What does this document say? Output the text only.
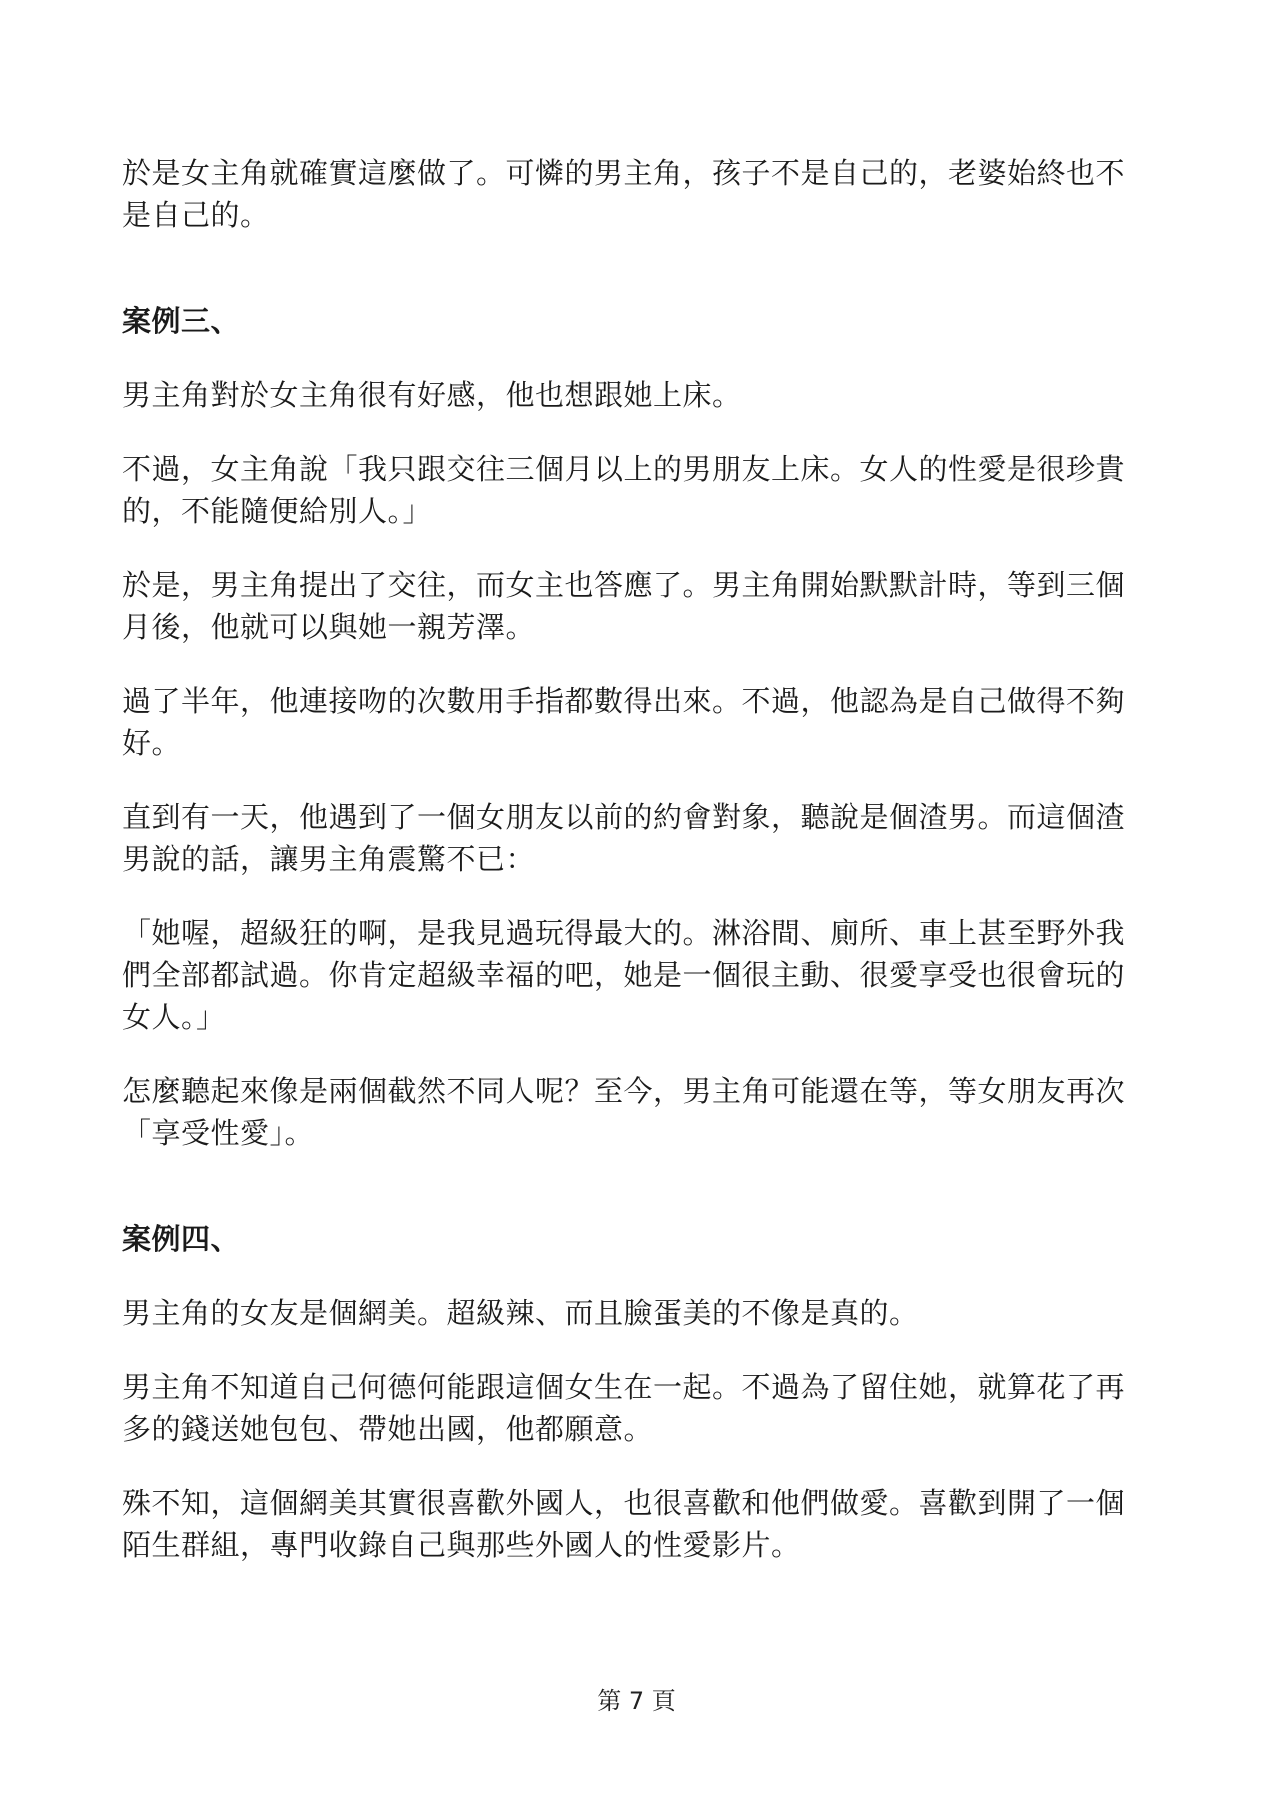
於是女主角就確實這麼做了。可憐的男主角，孩子不是自己的，老婆始終也不
是自己的。

案例三、

男主角對於女主角很有好感，他也想跟她上床。

不過，女主角說「我只跟交往三個月以上的男朋友上床。女人的性愛是很珍貴
的，不能隨便給別人。」

於是，男主角提出了交往，而女主也答應了。男主角開始默默計時，等到三個
月後，他就可以與她一親芳澤。

過了半年，他連接吻的次數用手指都數得出來。不過，他認為是自己做得不夠
好。

直到有一天，他遇到了一個女朋友以前的約會對象，聽說是個渣男。而這個渣
男說的話，讓男主角震驚不已：

「她喔，超級狂的啊，是我見過玩得最大的。淋浴間、廁所、車上甚至野外我
們全部都試過。你肯定超級幸福的吧，她是一個很主動、很愛享受也很會玩的
女人。」

怎麼聽起來像是兩個截然不同人呢？至今，男主角可能還在等，等女朋友再次
「享受性愛」。

案例四、

男主角的女友是個網美。超級辣、而且臉蛋美的不像是真的。

男主角不知道自己何德何能跟這個女生在一起。不過為了留住她，就算花了再
多的錢送她包包、帶她出國，他都願意。

殊不知，這個網美其實很喜歡外國人，也很喜歡和他們做愛。喜歡到開了一個
陌生群組，專門收錄自己與那些外國人的性愛影片。

第 7 頁
